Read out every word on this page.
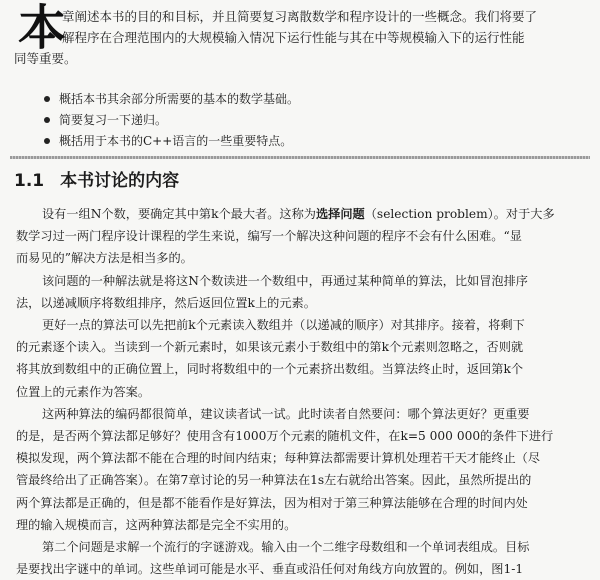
本
章阐述本书的目的和目标，并且简要复习离散数学和程序设计的一些概念。我们将要了
解程序在合理范围内的大规模输入情况下运行性能与其在中等规模输入下的运行性能
同等重要。
概括本书其余部分所需要的基本的数学基础。
简要复习一下递归。
概括用于本书的C++语言的一些重要特点。
1.1 本书讨论的内容

设有一组N个数，要确定其中第k个最大者。这称为选择问题（selection problem）。对于大多
数学习过一两门程序设计课程的学生来说，编写一个解决这种问题的程序不会有什么困难。“显
而易见的”解决方法是相当多的。

该问题的一种解法就是将这N个数读进一个数组中，再通过某种简单的算法，比如冒泡排序
法，以递减顺序将数组排序，然后返回位置k上的元素。

更好一点的算法可以先把前k个元素读入数组并（以递减的顺序）对其排序。接着，将剩下
的元素逐个读入。当读到一个新元素时，如果该元素小于数组中的第k个元素则忽略之，否则就
将其放到数组中的正确位置上，同时将数组中的一个元素挤出数组。当算法终止时，返回第k个
位置上的元素作为答案。

这两种算法的编码都很简单，建议读者试一试。此时读者自然要问：哪个算法更好？更重要
的是，是否两个算法都足够好？使用含有1000万个元素的随机文件，在k=5 000 000的条件下进行
模拟发现，两个算法都不能在合理的时间内结束；每种算法都需要计算机处理若干天才能终止（尽
管最终给出了正确答案）。在第7章讨论的另一种算法在1s左右就给出答案。因此，虽然所提出的
两个算法都是正确的，但是都不能看作是好算法，因为相对于第三种算法能够在合理的时间内处
理的输入规模而言，这两种算法都是完全不实用的。

第二个问题是求解一个流行的字谜游戏。输入由一个二维字母数组和一个单词表组成。目标
是要找出字谜中的单词。这些单词可能是水平、垂直或沿任何对角线方向放置的。例如，图1-1
